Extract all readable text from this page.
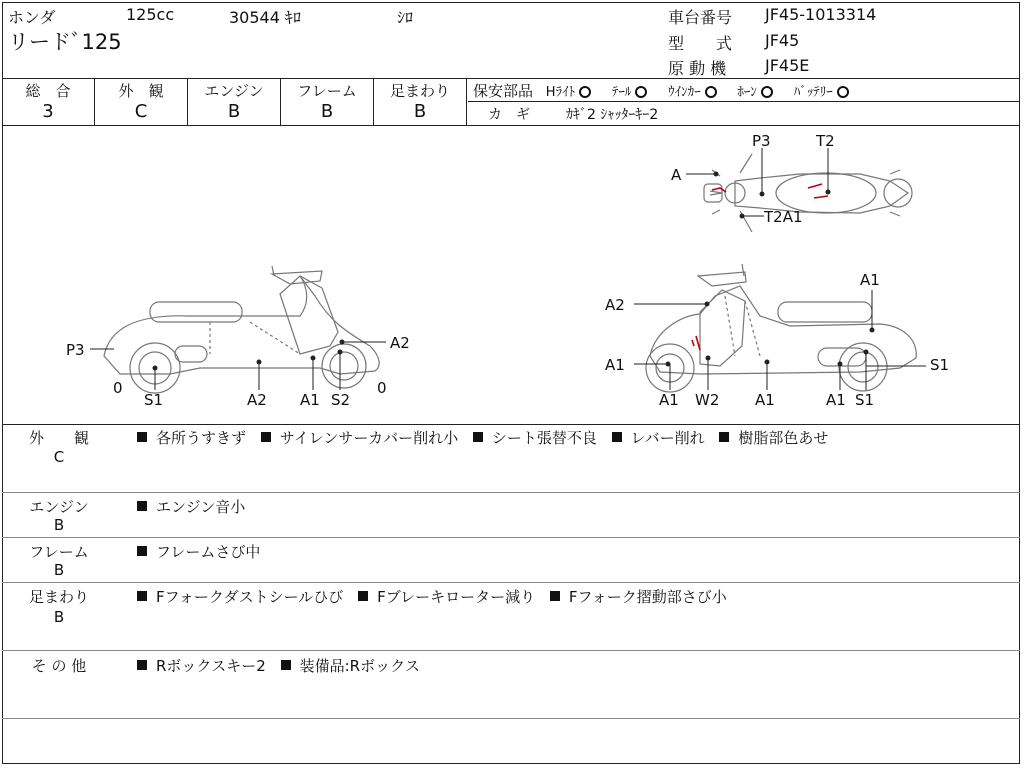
ホンダ	125cc	30544 ｷﾛ	ｼﾛ
リードﾞ125
車台番号 JF45-1013314
型　　式 JF45
原 動 機 JF45E
総　合
3
外　観
C
エンジン
B
フレーム
B
足まわり
B
保安部品 Hﾗｲﾄ	ﾃｰﾙ	ｳｲﾝｶｰ	ﾎｰﾝ	ﾊﾞｯﾃﾘｰ
カ　ギ	ｶｷﾞ2 ｼｬｯﾀｰｷｰ2
P3	A2
0	0
S1	A2 A1 S2
A1
A2
A1	S1
A1 W2 A1	A1 S1
P3	T2
A
T2A1
外　　観
C
各所うすきず サイレンサーカバー削れ小 シート張替不良 レバー削れ 樹脂部色あせ
エンジン
B
エンジン音小
フレーム
B
フレームさび中
足まわり
B
Fフォークダストシールひび Fブレーキローター減り Fフォーク摺動部さび小
そ の 他	Rボックスキー2 装備品:Rボックス
